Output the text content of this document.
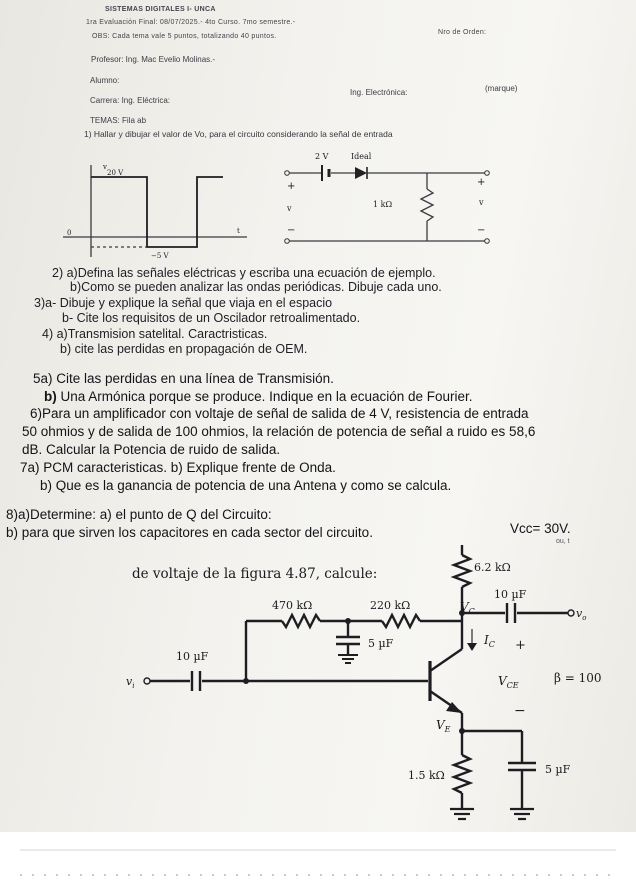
SISTEMAS DIGITALES I- UNCA
1ra Evaluación Final: 08/07/2025.- 4to Curso. 7mo semestre.-
OBS: Cada tema vale 5 puntos, totalizando 40 puntos.
Nro de Orden:
Profesor: Ing. Mac Evelio Molinas.-
Alumno:
Carrera: Ing. Eléctrica:
Ing. Electrónica:	(marque)
TEMAS: Fila ab
1) Hallar y dibujar el valor de Vo, para el circuito considerando la señal de entrada
20 V
−5 V
v
0	t
2 V	Ideal
1 kΩ
v
v
+
−
+
−
2) a)Defina las señales eléctricas y escriba una ecuación de ejemplo.
b)Como se pueden analizar las ondas periódicas. Dibuje cada uno.
3)a- Dibuje y explique la señal que viaja en el espacio
b- Cite los requisitos de un Oscilador retroalimentado.
4) a)Transmision satelital. Caractristicas.
b) cite las perdidas en propagación de OEM.
5a) Cite las perdidas en una línea de Transmisión.
b) Una Armónica porque se produce. Indique en la ecuación de Fourier.
6)Para un amplificador con voltaje de señal de salida de 4 V, resistencia de entrada
50 ohmios y de salida de 100 ohmios, la relación de potencia de señal a ruido es 58,6
dB. Calcular la Potencia de ruido de salida.
7a) PCM caracteristicas. b) Explique frente de Onda.
b) Que es la ganancia de potencia de una Antena y como se calcula.
8)a)Determine: a) el punto de Q del Circuito:
b) para que sirven los capacitores en cada sector del circuito.	Vcc= 30V.
ou, t
de voltaje de la figura 4.87, calcule:	6.2 kΩ
10 µF
$v_o$
$V_C$
470 kΩ	220 kΩ
5 µF
10 µF
$v_i$
$I_C$ +
$V_{CE}$
−
β = 100
$V_E$
5 µF
1.5 kΩ
